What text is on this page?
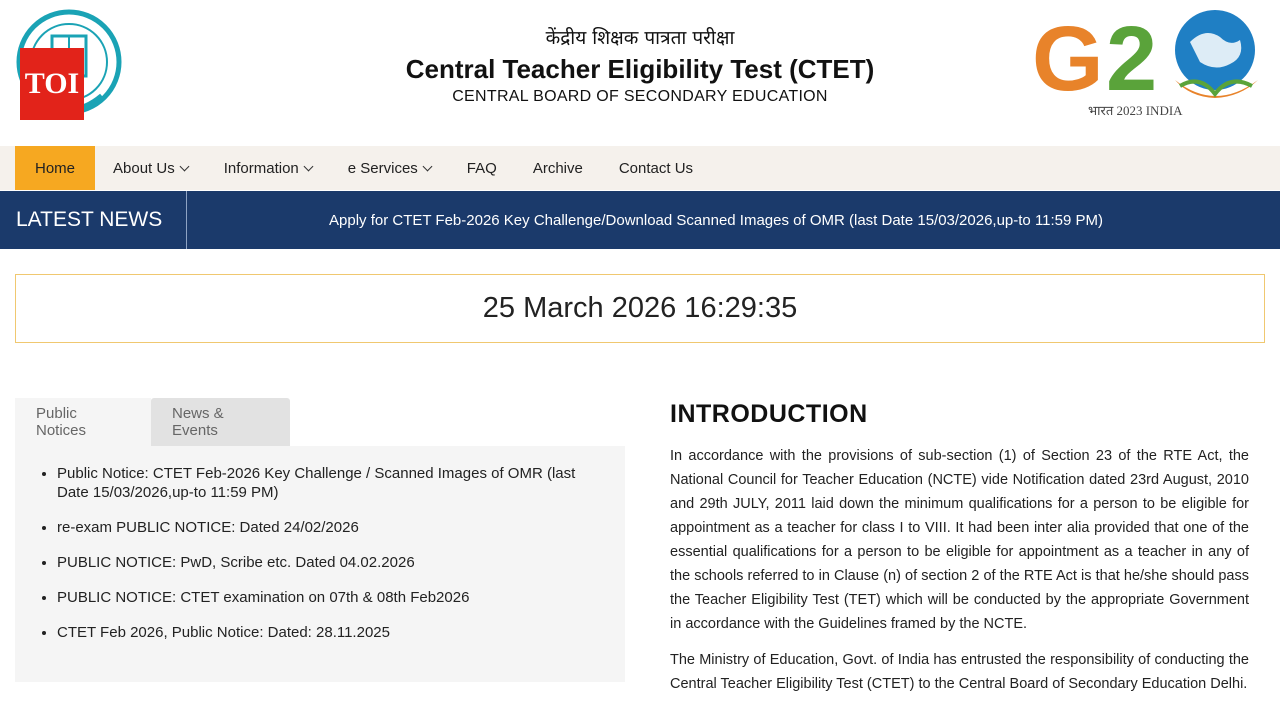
TOI
केंद्रीय शिक्षक पात्रता परीक्षा
Central Teacher Eligibility Test (CTET)
CENTRAL BOARD OF SECONDARY EDUCATION	G 2
भारत 2023 INDIA
Home	About Us	Information	e Services	FAQ Archive Contact Us
LATEST NEWS	Apply for CTET Feb-2026 Key Challenge/Download Scanned Images of OMR (last Date 15/03/2026,up-to 11:59 PM)
25 March 2026 16:29:35
Public Notices
News & Events
• Public Notice: CTET Feb-2026 Key Challenge / Scanned Images of OMR (last Date 15/03/2026,up-to 11:59 PM)
• re-exam PUBLIC NOTICE: Dated 24/02/2026
• PUBLIC NOTICE: PwD, Scribe etc. Dated 04.02.2026
• PUBLIC NOTICE: CTET examination on 07th & 08th Feb2026
• CTET Feb 2026, Public Notice: Dated: 28.11.2025
INTRODUCTION

In accordance with the provisions of sub-section (1) of Section 23 of the RTE Act, the National Council for Teacher Education (NCTE) vide Notification dated 23rd August, 2010 and 29th JULY, 2011 laid down the minimum qualifications for a person to be eligible for appointment as a teacher for class I to VIII. It had been inter alia provided that one of the essential qualifications for a person to be eligible for appointment as a teacher in any of the schools referred to in Clause (n) of section 2 of the RTE Act is that he/she should pass the Teacher Eligibility Test (TET) which will be conducted by the appropriate Government in accordance with the Guidelines framed by the NCTE.

The Ministry of Education, Govt. of India has entrusted the responsibility of conducting the Central Teacher Eligibility Test (CTET) to the Central Board of Secondary Education Delhi.
